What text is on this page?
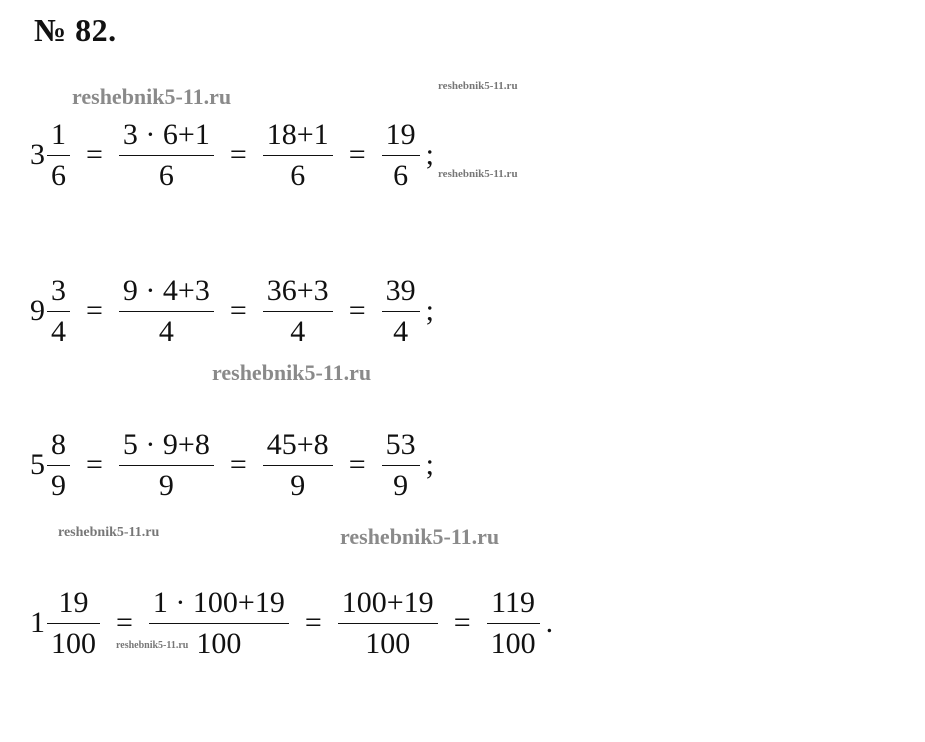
№ 82.
reshebnik5-11.ru	reshebnik5-11.ru
reshebnik5-11.ru
reshebnik5-11.ru
reshebnik5-11.ru	reshebnik5-11.ru
reshebnik5-11.ru
$3 \frac{1}{6} = \frac{3 \cdot 6+1}{6} = \frac{18+1}{6} = \frac{19}{6}$ ;
$9 \frac{3}{4} = \frac{9 \cdot 4+3}{4} = \frac{36+3}{4} = \frac{39}{4}$ ;
$5 \frac{8}{9} = \frac{5 \cdot 9+8}{9} = \frac{45+8}{9} = \frac{53}{9}$ ;
$1 \frac{19}{100} = \frac{1 \cdot 100+19}{100} = \frac{100+19}{100} = \frac{119}{100}$ .
